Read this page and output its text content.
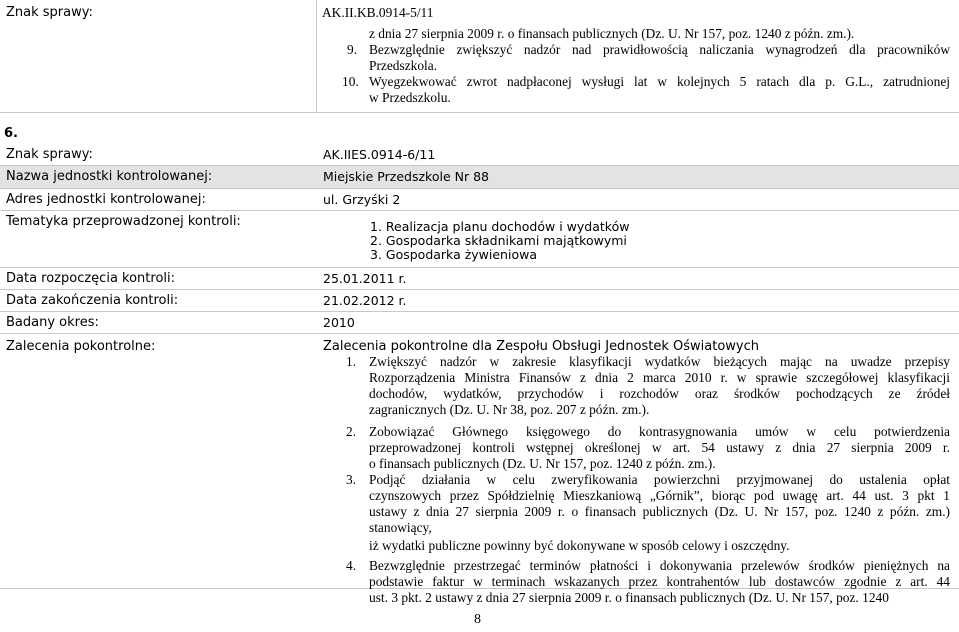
Znak sprawy:	AK.II.KB.0914-5/11
z dnia 27 sierpnia 2009 r. o finansach publicznych (Dz. U. Nr 157, poz. 1240 z późn. zm.).
9. Bezwzględnie zwiększyć nadzór nad prawidłowością naliczania wynagrodzeń dla pracowników
Przedszkola.
10. Wyegzekwować zwrot nadpłaconej wysługi lat w kolejnych 5 ratach dla p. G.L., zatrudnionej
w Przedszkolu.
6.
Znak sprawy:	AK.IIES.0914-6/11
Nazwa jednostki kontrolowanej:	Miejskie Przedszkole Nr 88
Adres jednostki kontrolowanej:	ul. Grzyśki 2
Tematyka przeprowadzonej kontroli:	1. Realizacja planu dochodów i wydatków
2. Gospodarka składnikami majątkowymi
3. Gospodarka żywieniowa
Data rozpoczęcia kontroli:	25.01.2011 r.
Data zakończenia kontroli:	21.02.2012 r.
Badany okres:	2010
Zalecenia pokontrolne:	Zalecenia pokontrolne dla Zespołu Obsługi Jednostek Oświatowych
1. Zwiększyć nadzór w zakresie klasyfikacji wydatków bieżących mając na uwadze przepisy
Rozporządzenia Ministra Finansów z dnia 2 marca 2010 r. w sprawie szczegółowej klasyfikacji
dochodów, wydatków, przychodów i rozchodów oraz środków pochodzących ze źródeł
zagranicznych (Dz. U. Nr 38, poz. 207 z późn. zm.).
2. Zobowiązać Głównego księgowego do kontrasygnowania umów w celu potwierdzenia
przeprowadzonej kontroli wstępnej określonej w art. 54 ustawy z dnia 27 sierpnia 2009 r.
o finansach publicznych (Dz. U. Nr 157, poz. 1240 z późn. zm.).
3. Podjąć działania w celu zweryfikowania powierzchni przyjmowanej do ustalenia opłat
czynszowych przez Spółdzielnię Mieszkaniową „Górnik”, biorąc pod uwagę art. 44 ust. 3 pkt 1
ustawy z dnia 27 sierpnia 2009 r. o finansach publicznych (Dz. U. Nr 157, poz. 1240 z późn. zm.)
stanowiący,
iż wydatki publiczne powinny być dokonywane w sposób celowy i oszczędny.
4. Bezwzględnie przestrzegać terminów płatności i dokonywania przelewów środków pieniężnych na
podstawie faktur w terminach wskazanych przez kontrahentów lub dostawców zgodnie z art. 44
ust. 3 pkt. 2 ustawy z dnia 27 sierpnia 2009 r. o finansach publicznych (Dz. U. Nr 157, poz. 1240
8
